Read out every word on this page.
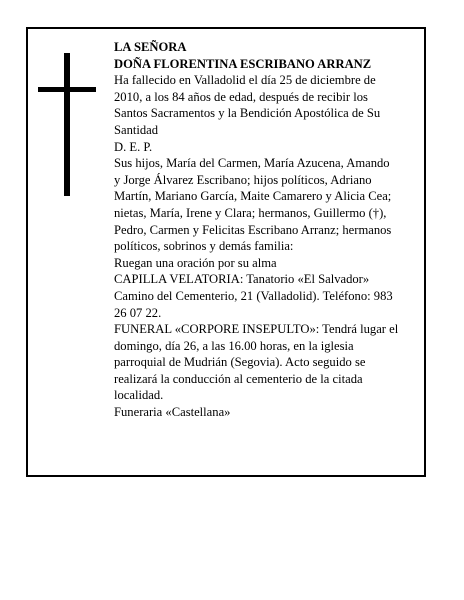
LA SEÑORA
DOÑA FLORENTINA ESCRIBANO ARRANZ
Ha fallecido en Valladolid el día 25 de diciembre de
2010, a los 84 años de edad, después de recibir los
Santos Sacramentos y la Bendición Apostólica de Su
Santidad
D. E. P.
Sus hijos, María del Carmen, María Azucena, Amando
y Jorge Álvarez Escribano; hijos políticos, Adriano
Martín, Mariano García, Maite Camarero y Alicia Cea;
nietas, María, Irene y Clara; hermanos, Guillermo (†),
Pedro, Carmen y Felicitas Escribano Arranz; hermanos
políticos, sobrinos y demás familia:
Ruegan una oración por su alma
CAPILLA VELATORIA: Tanatorio «El Salvador»
Camino del Cementerio, 21 (Valladolid). Teléfono: 983
26 07 22.
FUNERAL «CORPORE INSEPULTO»: Tendrá lugar el
domingo, día 26, a las 16.00 horas, en la iglesia
parroquial de Mudrián (Segovia). Acto seguido se
realizará la conducción al cementerio de la citada
localidad.
Funeraria «Castellana»
